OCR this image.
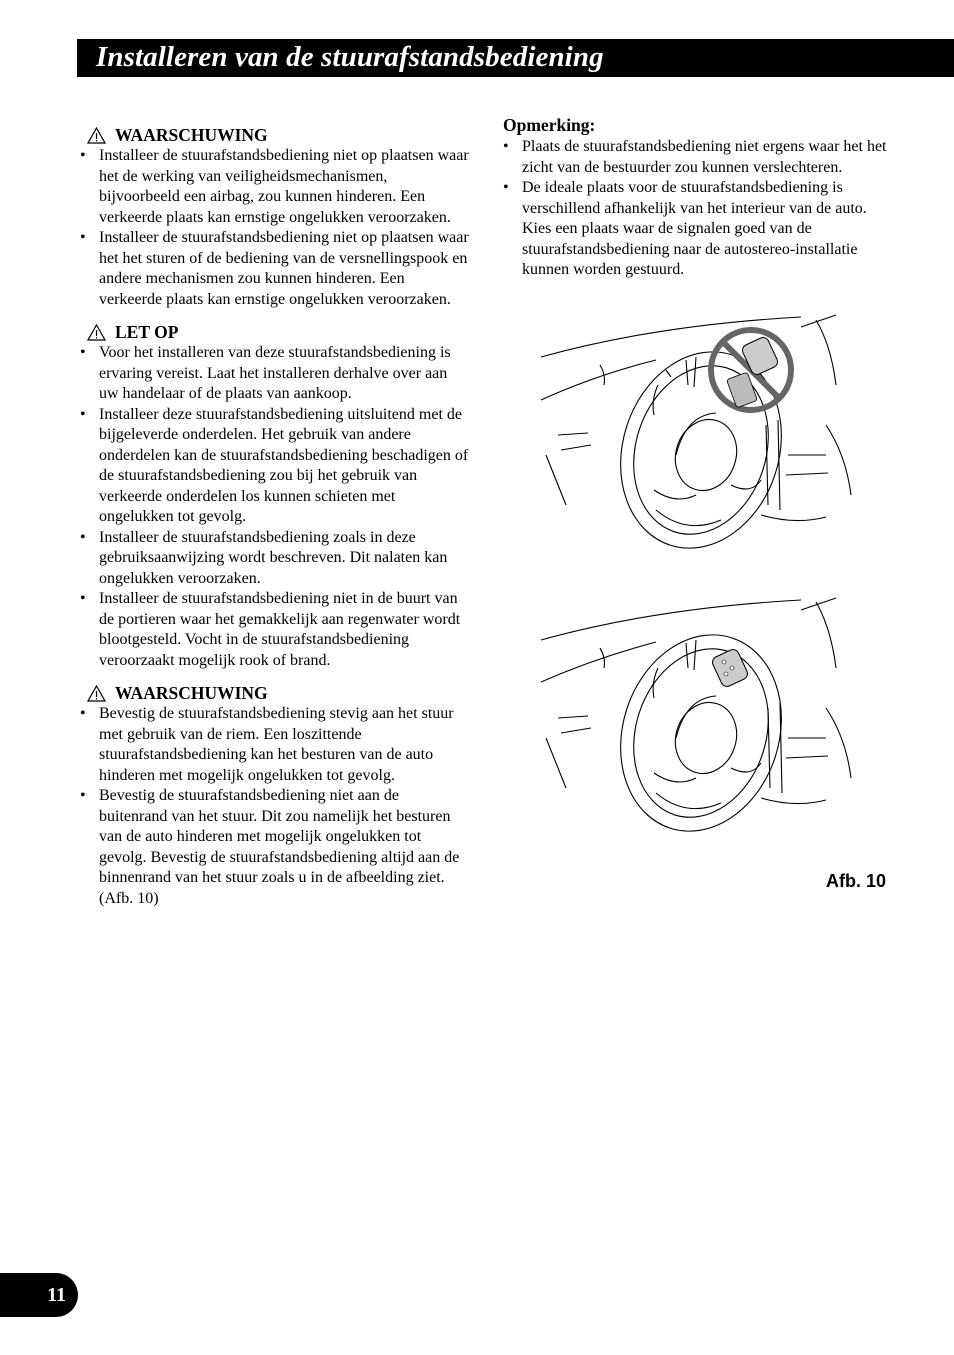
Installeren van de stuurafstandsbediening
WAARSCHUWING
• Installeer de stuurafstandsbediening niet op plaatsen waar het de werking van veiligheidsmechanismen, bijvoorbeeld een airbag, zou kunnen hinderen. Een verkeerde plaats kan ernstige ongelukken veroorzaken.
• Installeer de stuurafstandsbediening niet op plaatsen waar het het sturen of de bediening van de versnellingspook en andere mechanismen zou kunnen hinderen. Een verkeerde plaats kan ernstige ongelukken veroorzaken.
LET OP
• Voor het installeren van deze stuurafstandsbediening is ervaring vereist. Laat het installeren derhalve over aan uw handelaar of de plaats van aankoop.
• Installeer deze stuurafstandsbediening uitsluitend met de bijgeleverde onderdelen. Het gebruik van andere onderdelen kan de stuurafstandsbediening beschadigen of de stuurafstandsbediening zou bij het gebruik van verkeerde onderdelen los kunnen schieten met ongelukken tot gevolg.
• Installeer de stuurafstandsbediening zoals in deze gebruiksaanwijzing wordt beschreven. Dit nalaten kan ongelukken veroorzaken.
• Installeer de stuurafstandsbediening niet in de buurt van de portieren waar het gemakkelijk aan regenwater wordt blootgesteld. Vocht in de stuurafstandsbediening veroorzaakt mogelijk rook of brand.
WAARSCHUWING
• Bevestig de stuurafstandsbediening stevig aan het stuur met gebruik van de riem. Een loszittende stuurafstandsbediening kan het besturen van de auto hinderen met mogelijk ongelukken tot gevolg.
• Bevestig de stuurafstandsbediening niet aan de buitenrand van het stuur. Dit zou namelijk het besturen van de auto hinderen met mogelijk ongelukken tot gevolg. Bevestig de stuurafstandsbediening altijd aan de binnenrand van het stuur zoals u in de afbeelding ziet. (Afb. 10)
Opmerking:
• Plaats de stuurafstandsbediening niet ergens waar het het zicht van de bestuurder zou kunnen verslechteren.
• De ideale plaats voor de stuurafstandsbediening is verschillend afhankelijk van het interieur van de auto. Kies een plaats waar de signalen goed van de stuurafstandsbediening naar de autostereo-installatie kunnen worden gestuurd.
Afb. 10
11
